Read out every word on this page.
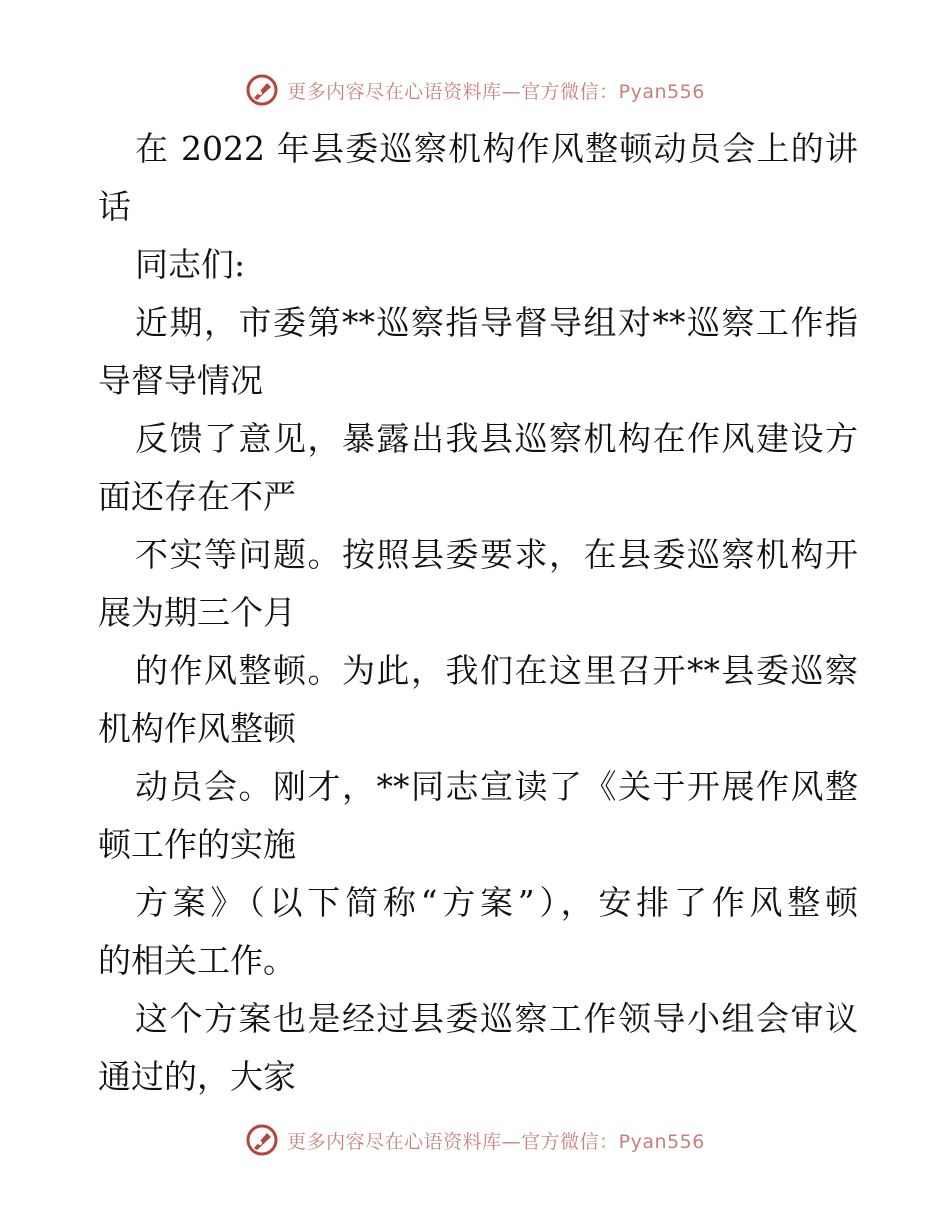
更多内容尽在心语资料库—官方微信：Pyan556
在 2022 年县委巡察机构作风整顿动员会上的讲
话
同志们:
近期，市委第**巡察指导督导组对**巡察工作指
导督导情况
反馈了意见，暴露出我县巡察机构在作风建设方
面还存在不严
不实等问题。按照县委要求，在县委巡察机构开
展为期三个月
的作风整顿。为此，我们在这里召开**县委巡察
机构作风整顿
动员会。刚才，**同志宣读了《关于开展作风整
顿工作的实施
方案》（以下简称“方案”），安排了作风整顿
的相关工作。
这个方案也是经过县委巡察工作领导小组会审议
通过的，大家
更多内容尽在心语资料库—官方微信：Pyan556
